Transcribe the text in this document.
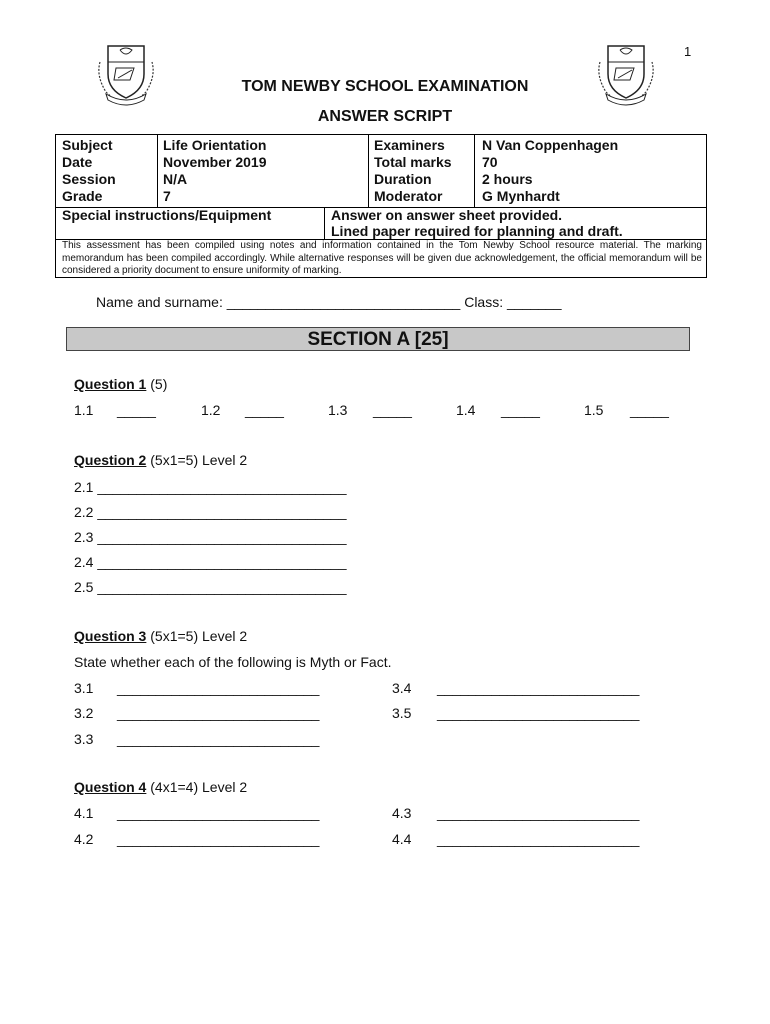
1
TOM NEWBY SCHOOL EXAMINATION
ANSWER SCRIPT
Subject	Life Orientation	Examiners	N Van Coppenhagen
Date	November 2019	Total marks 70
Session	N/A	Duration	2 hours
Grade	7	Moderator	G Mynhardt
Special instructions/Equipment	Answer on answer sheet provided.
Lined paper required for planning and draft.
This assessment has been compiled using notes and information contained in the Tom Newby School resource material. The marking memorandum has been compiled accordingly. While alternative responses will be given due acknowledgement, the official memorandum will be considered a priority document to ensure uniformity of marking.
Name and surname: ______________________________ Class: _______
SECTION A [25]
Question 1 (5)
1.1 _____	1.2 _____	1.3 _____	1.4 _____	1.5 _____
Question 2 (5x1=5) Level 2
2.1 ________________________________
2.2 ________________________________
2.3 ________________________________
2.4 ________________________________
2.5 ________________________________
Question 3 (5x1=5) Level 2
State whether each of the following is Myth or Fact.
3.1 __________________________	3.4 __________________________
3.2 __________________________	3.5 __________________________
3.3 __________________________
Question 4 (4x1=4) Level 2
4.1 __________________________	4.3 __________________________
4.2 __________________________	4.4 __________________________
